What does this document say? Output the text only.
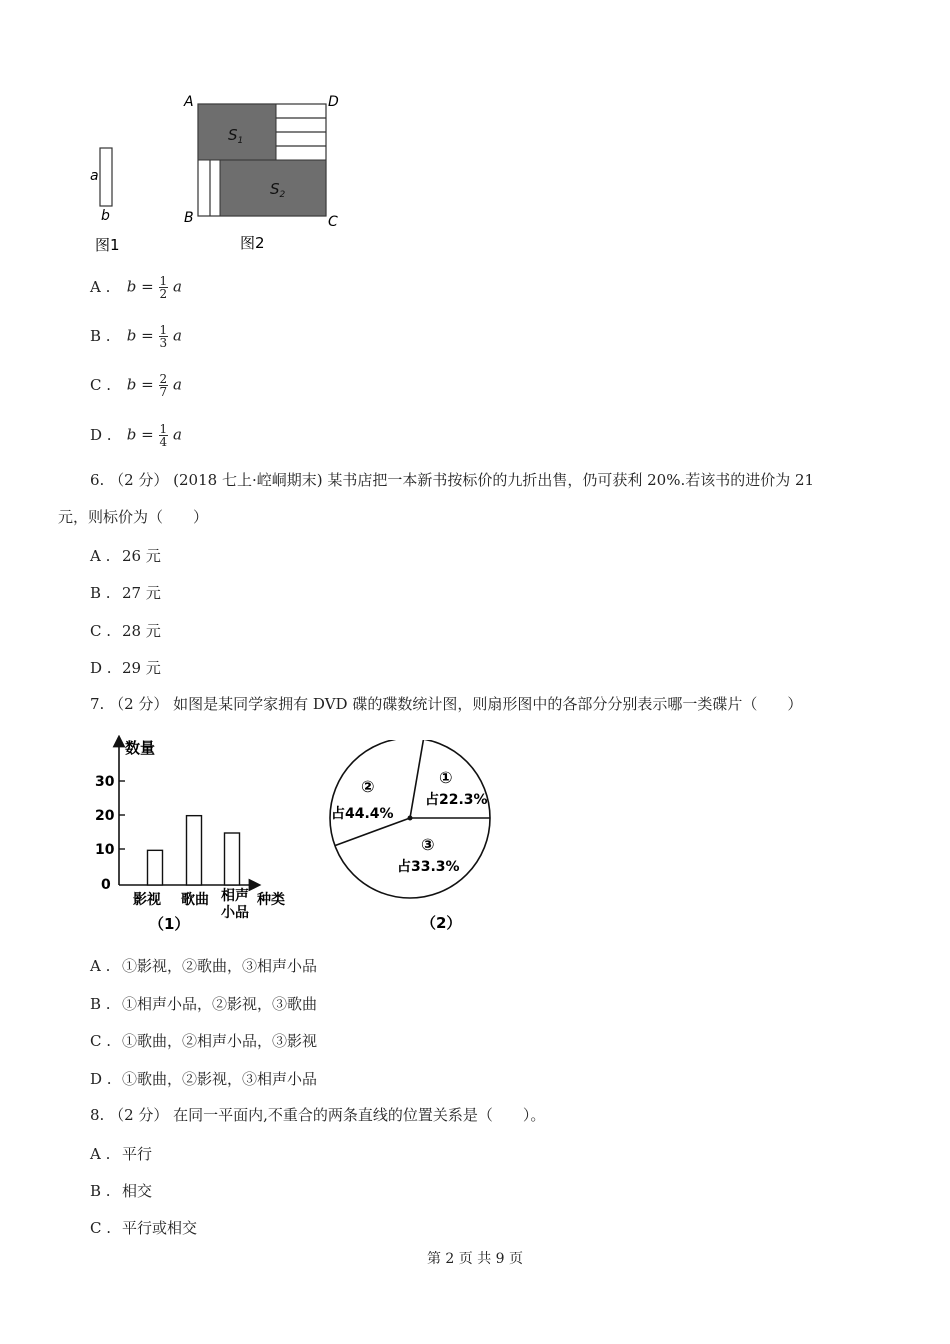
a
b
图1
A	D
B	C
$S_1$
$S_2$
图2
A . $b = \frac{1}{2}$ a
B . $b = \frac{1}{3}$ a
C . $b = \frac{2}{7}$ a
D . $b = \frac{1}{4}$ a
6. （2 分） (2018 七上·崆峒期末) 某书店把一本新书按标价的九折出售，仍可获利 20%.若该书的进价为 21
元，则标价为（　　）
A . 26 元
B . 27 元
C . 28 元
D . 29 元
7. （2 分） 如图是某同学家拥有 DVD 碟的碟数统计图，则扇形图中的各部分分别表示哪一类碟片（　　）
数量
种类
30
20
10
0
影视 歌曲 相声
小品
（1）
①
占22.3%
②
占44.4%
③
占33.3%
（2）
A . ①影视，②歌曲，③相声小品
B . ①相声小品，②影视，③歌曲
C . ①歌曲，②相声小品，③影视
D . ①歌曲，②影视，③相声小品
8. （2 分） 在同一平面内,不重合的两条直线的位置关系是（　　）。
A . 平行
B . 相交
C . 平行或相交
第 2 页 共 9 页
